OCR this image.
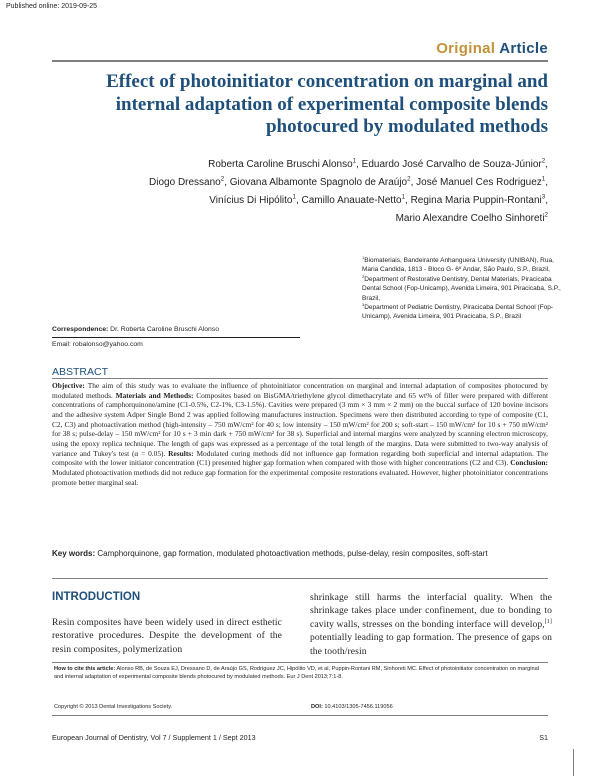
Published online: 2019-09-25
Original Article
Effect of photoinitiator concentration on marginal and internal adaptation of experimental composite blends photocured by modulated methods
Roberta Caroline Bruschi Alonso$^1$, Eduardo José Carvalho de Souza-Júnior$^2$,
Diogo Dressano$^2$, Giovana Albamonte Spagnolo de Araújo$^2$, José Manuel Ces Rodriguez$^1$, Vinícius Di Hipólito$^1$, Camillo Anauate-Netto$^1$, Regina Maria Puppin-Rontani$^3$,
Mario Alexandre Coelho Sinhoreti$^2$

$^1$Biomateriais, Bandeirante Anhanguera University (UNIBAN), Rua, Maria Candida, 1813 - Bloco G- 6º Andar, São Paulo, S.P., Brazil,

$^2$Department of Restorative Dentistry, Dental Materials, Piracicaba Dental School (Fop-Unicamp), Avenida Limeira, 901 Piracicaba, S.P., Brazil,

$^3$Department of Pediatric Dentistry, Piracicaba Dental School (Fop-Unicamp), Avenida Limeira, 901 Piracicaba, S.P., Brazil

Correspondence: Dr. Roberta Caroline Bruschi Alonso
Email: robalonso@yahoo.com
ABSTRACT
Objective: The aim of this study was to evaluate the influence of photoinitiator concentration on marginal and internal adaptation of composites photocured by modulated methods. Materials and Methods: Composites based on BisGMA/triethylene glycol dimethacrylate and 65 wt% of filler were prepared with different concentrations of camphorquinone/amine (C1-0.5%, C2-1%, C3-1.5%). Cavities were prepared (3 mm × 3 mm × 2 mm) on the buccal surface of 120 bovine incisors and the adhesive system Adper Single Bond 2 was applied following manufactures instruction. Specimens were then distributed according to type of composite (C1, C2, C3) and photoactivation method (high-intensity – 750 mW/cm² for 40 s; low intensity – 150 mW/cm² for 200 s; soft-start – 150 mW/cm² for 10 s + 750 mW/cm² for 38 s; pulse-delay – 150 mW/cm² for 10 s + 3 min dark + 750 mW/cm² for 38 s). Superficial and internal margins were analyzed by scanning electron microscopy, using the epoxy replica technique. The length of gaps was expressed as a percentage of the total length of the margins. Data were submitted to two-way analysis of variance and Tukey's test (α = 0.05). Results: Modulated curing methods did not influence gap formation regarding both superficial and internal adaptation. The composite with the lower initiator concentration (C1) presented higher gap formation when compared with those with higher concentrations (C2 and C3). Conclusion: Modulated photoactivation methods did not reduce gap formation for the experimental composite restorations evaluated. However, higher photoinitiator concentrations promote better marginal seal.
Key words: Camphorquinone, gap formation, modulated photoactivation methods, pulse-delay, resin composites, soft-start
INTRODUCTION
Resin composites have been widely used in direct esthetic restorative procedures. Despite the development of the resin composites, polymerization
shrinkage still harms the interfacial quality. When the shrinkage takes place under confinement, due to bonding to cavity walls, stresses on the bonding interface will develop,[1] potentially leading to gap formation. The presence of gaps on the tooth/resin
How to cite this article: Alonso RB, de Souza EJ, Dressano D, de Araújo GS, Rodriguez JC, Hipólito VD, et al, Puppin-Rontani RM, Sinhoreti MC. Effect of photoinitiator concentration on marginal and internal adaptation of experimental composite blends photocured by modulated methods. Eur J Dent 2013;7:1-8.
Copyright © 2013 Dental Investigations Society.	DOI: 10.4103/1305-7456.119056
European Journal of Dentistry, Vol 7 / Supplement 1 / Sept 2013	S1
